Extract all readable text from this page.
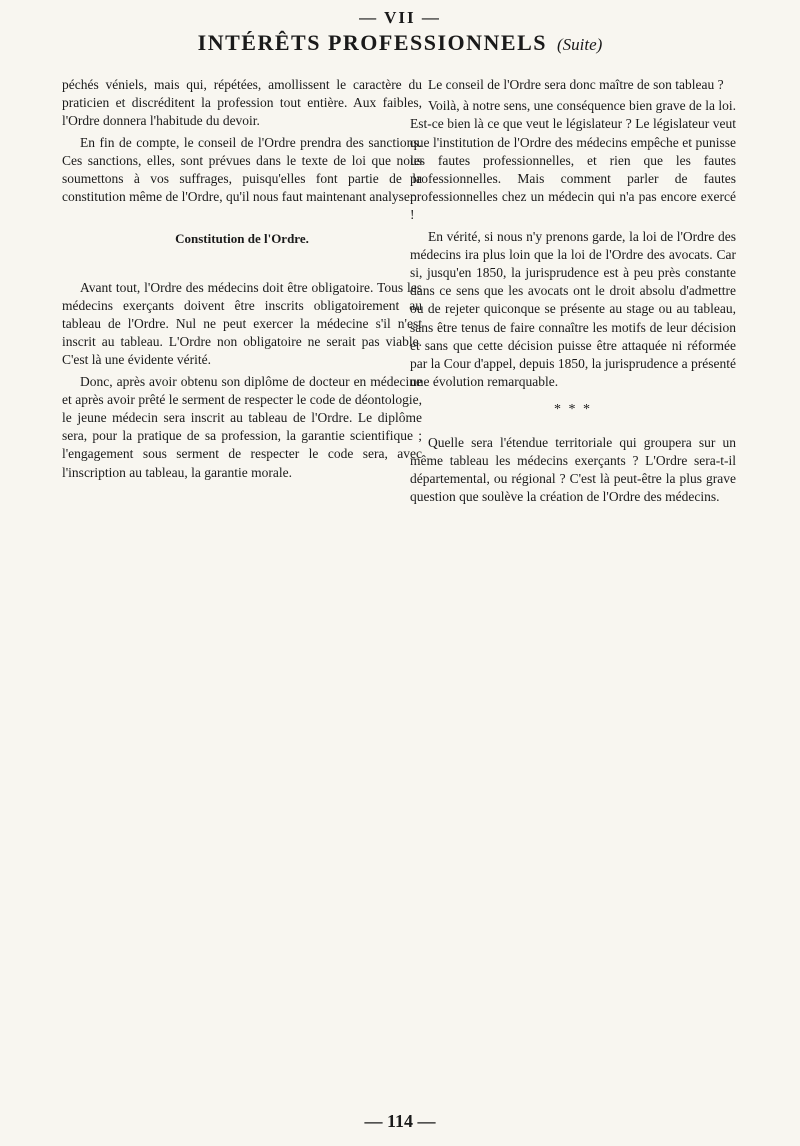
— VII —
INTÉRÊTS PROFESSIONNELS (Suite)

péchés véniels, mais qui, répétées, amollissent le caractère du praticien et discréditent la profession tout entière. Aux faibles, l'Ordre donnera l'habitude du devoir.

En fin de compte, le conseil de l'Ordre prendra des sanctions. Ces sanctions, elles, sont prévues dans le texte de loi que nous soumettons à vos suffrages, puisqu'elles font partie de la constitution même de l'Ordre, qu'il nous faut maintenant analyser.

Constitution de l'Ordre.

Avant tout, l'Ordre des médecins doit être obligatoire. Tous les médecins exerçants doivent être inscrits obligatoirement au tableau de l'Ordre. Nul ne peut exercer la médecine s'il n'est inscrit au tableau. L'Ordre non obligatoire ne serait pas viable. C'est là une évidente vérité.

Donc, après avoir obtenu son diplôme de docteur en médecine et après avoir prêté le serment de respecter le code de déontologie, le jeune médecin sera inscrit au tableau de l'Ordre. Le diplôme sera, pour la pratique de sa profession, la garantie scientifique ; l'engagement sous serment de respecter le code sera, avec l'inscription au tableau, la garantie morale.

Le conseil de l'Ordre sera donc maître de son tableau ?

Voilà, à notre sens, une conséquence bien grave de la loi. Est-ce bien là ce que veut le législateur ? Le législateur veut que l'institution de l'Ordre des médecins empêche et punisse les fautes professionnelles, et rien que les fautes professionnelles. Mais comment parler de fautes professionnelles chez un médecin qui n'a pas encore exercé !

En vérité, si nous n'y prenons garde, la loi de l'Ordre des médecins ira plus loin que la loi de l'Ordre des avocats. Car si, jusqu'en 1850, la jurisprudence est à peu près constante dans ce sens que les avocats ont le droit absolu d'admettre ou de rejeter quiconque se présente au stage ou au tableau, sans être tenus de faire connaître les motifs de leur décision et sans que cette décision puisse être attaquée ni réformée par la Cour d'appel, depuis 1850, la jurisprudence a présenté une évolution remarquable.

* * *

Quelle sera l'étendue territoriale qui groupera sur un même tableau les médecins exerçants ? L'Ordre sera-t-il départemental, ou régional ? C'est là peut-être la plus grave question que soulève la création de l'Ordre des médecins.

— 114 —
